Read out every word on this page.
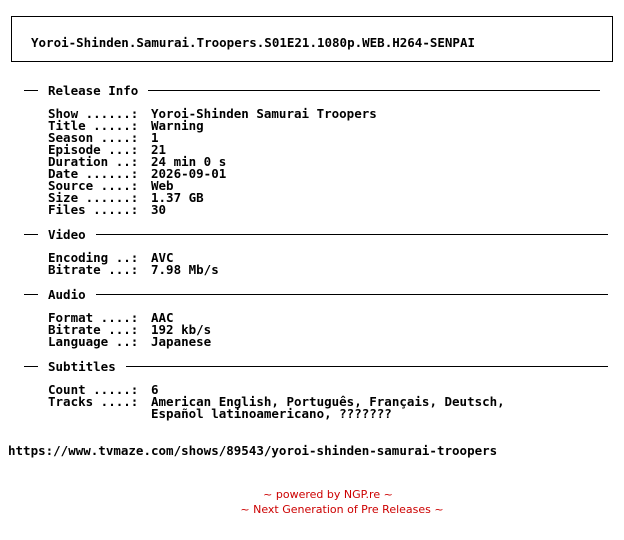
Yoroi-Shinden.Samurai.Troopers.S01E21.1080p.WEB.H264-SENPAI
Release Info
Show ......: Yoroi-Shinden Samurai Troopers
Title .....: Warning
Season ....: 1
Episode ...: 21
Duration ..: 24 min 0 s
Date ......: 2026-09-01
Source ....: Web
Size ......: 1.37 GB
Files .....: 30
Video
Encoding ..: AVC
Bitrate ...: 7.98 Mb/s
Audio
Format ....: AAC
Bitrate ...: 192 kb/s
Language ..: Japanese
Subtitles
Count .....: 6
Tracks ....: American English, Português, Français, Deutsch,
Español latinoamericano, ???????
https://www.tvmaze.com/shows/89543/yoroi-shinden-samurai-troopers
~ powered by NGP.re ~
~ Next Generation of Pre Releases ~
